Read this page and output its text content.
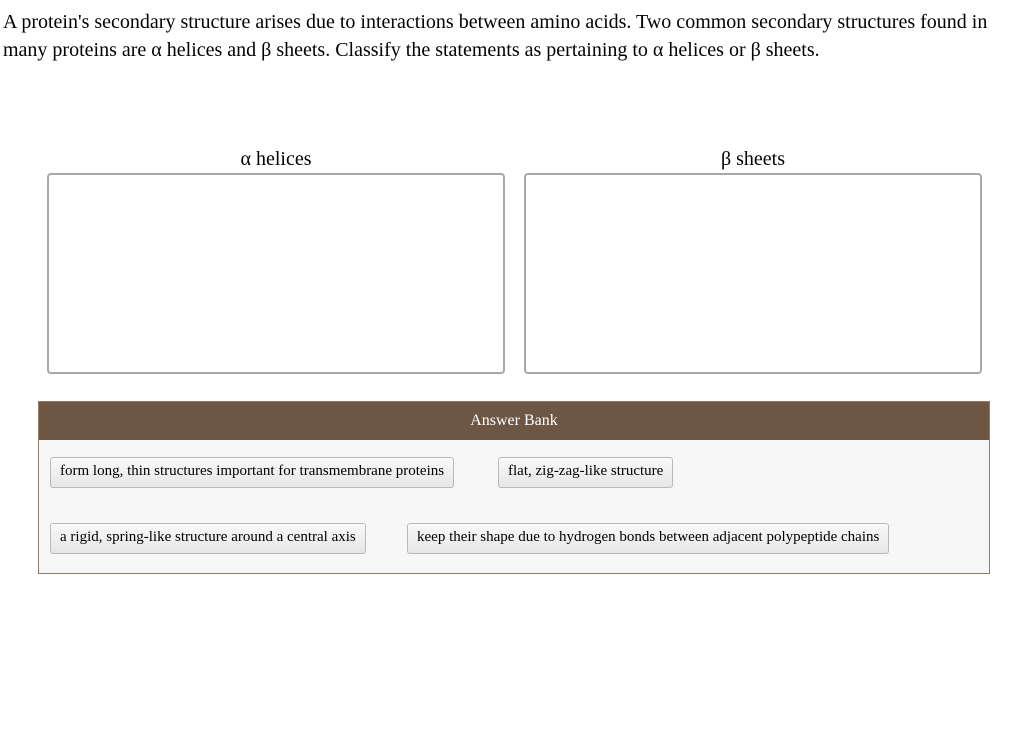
A protein's secondary structure arises due to interactions between amino acids. Two common secondary structures found in many proteins are α helices and β sheets. Classify the statements as pertaining to α helices or β sheets.

α helices	β sheets
Answer Bank
form long, thin structures important for transmembrane proteins	flat, zig-zag-like structure
a rigid, spring-like structure around a central axis	keep their shape due to hydrogen bonds between adjacent polypeptide chains
